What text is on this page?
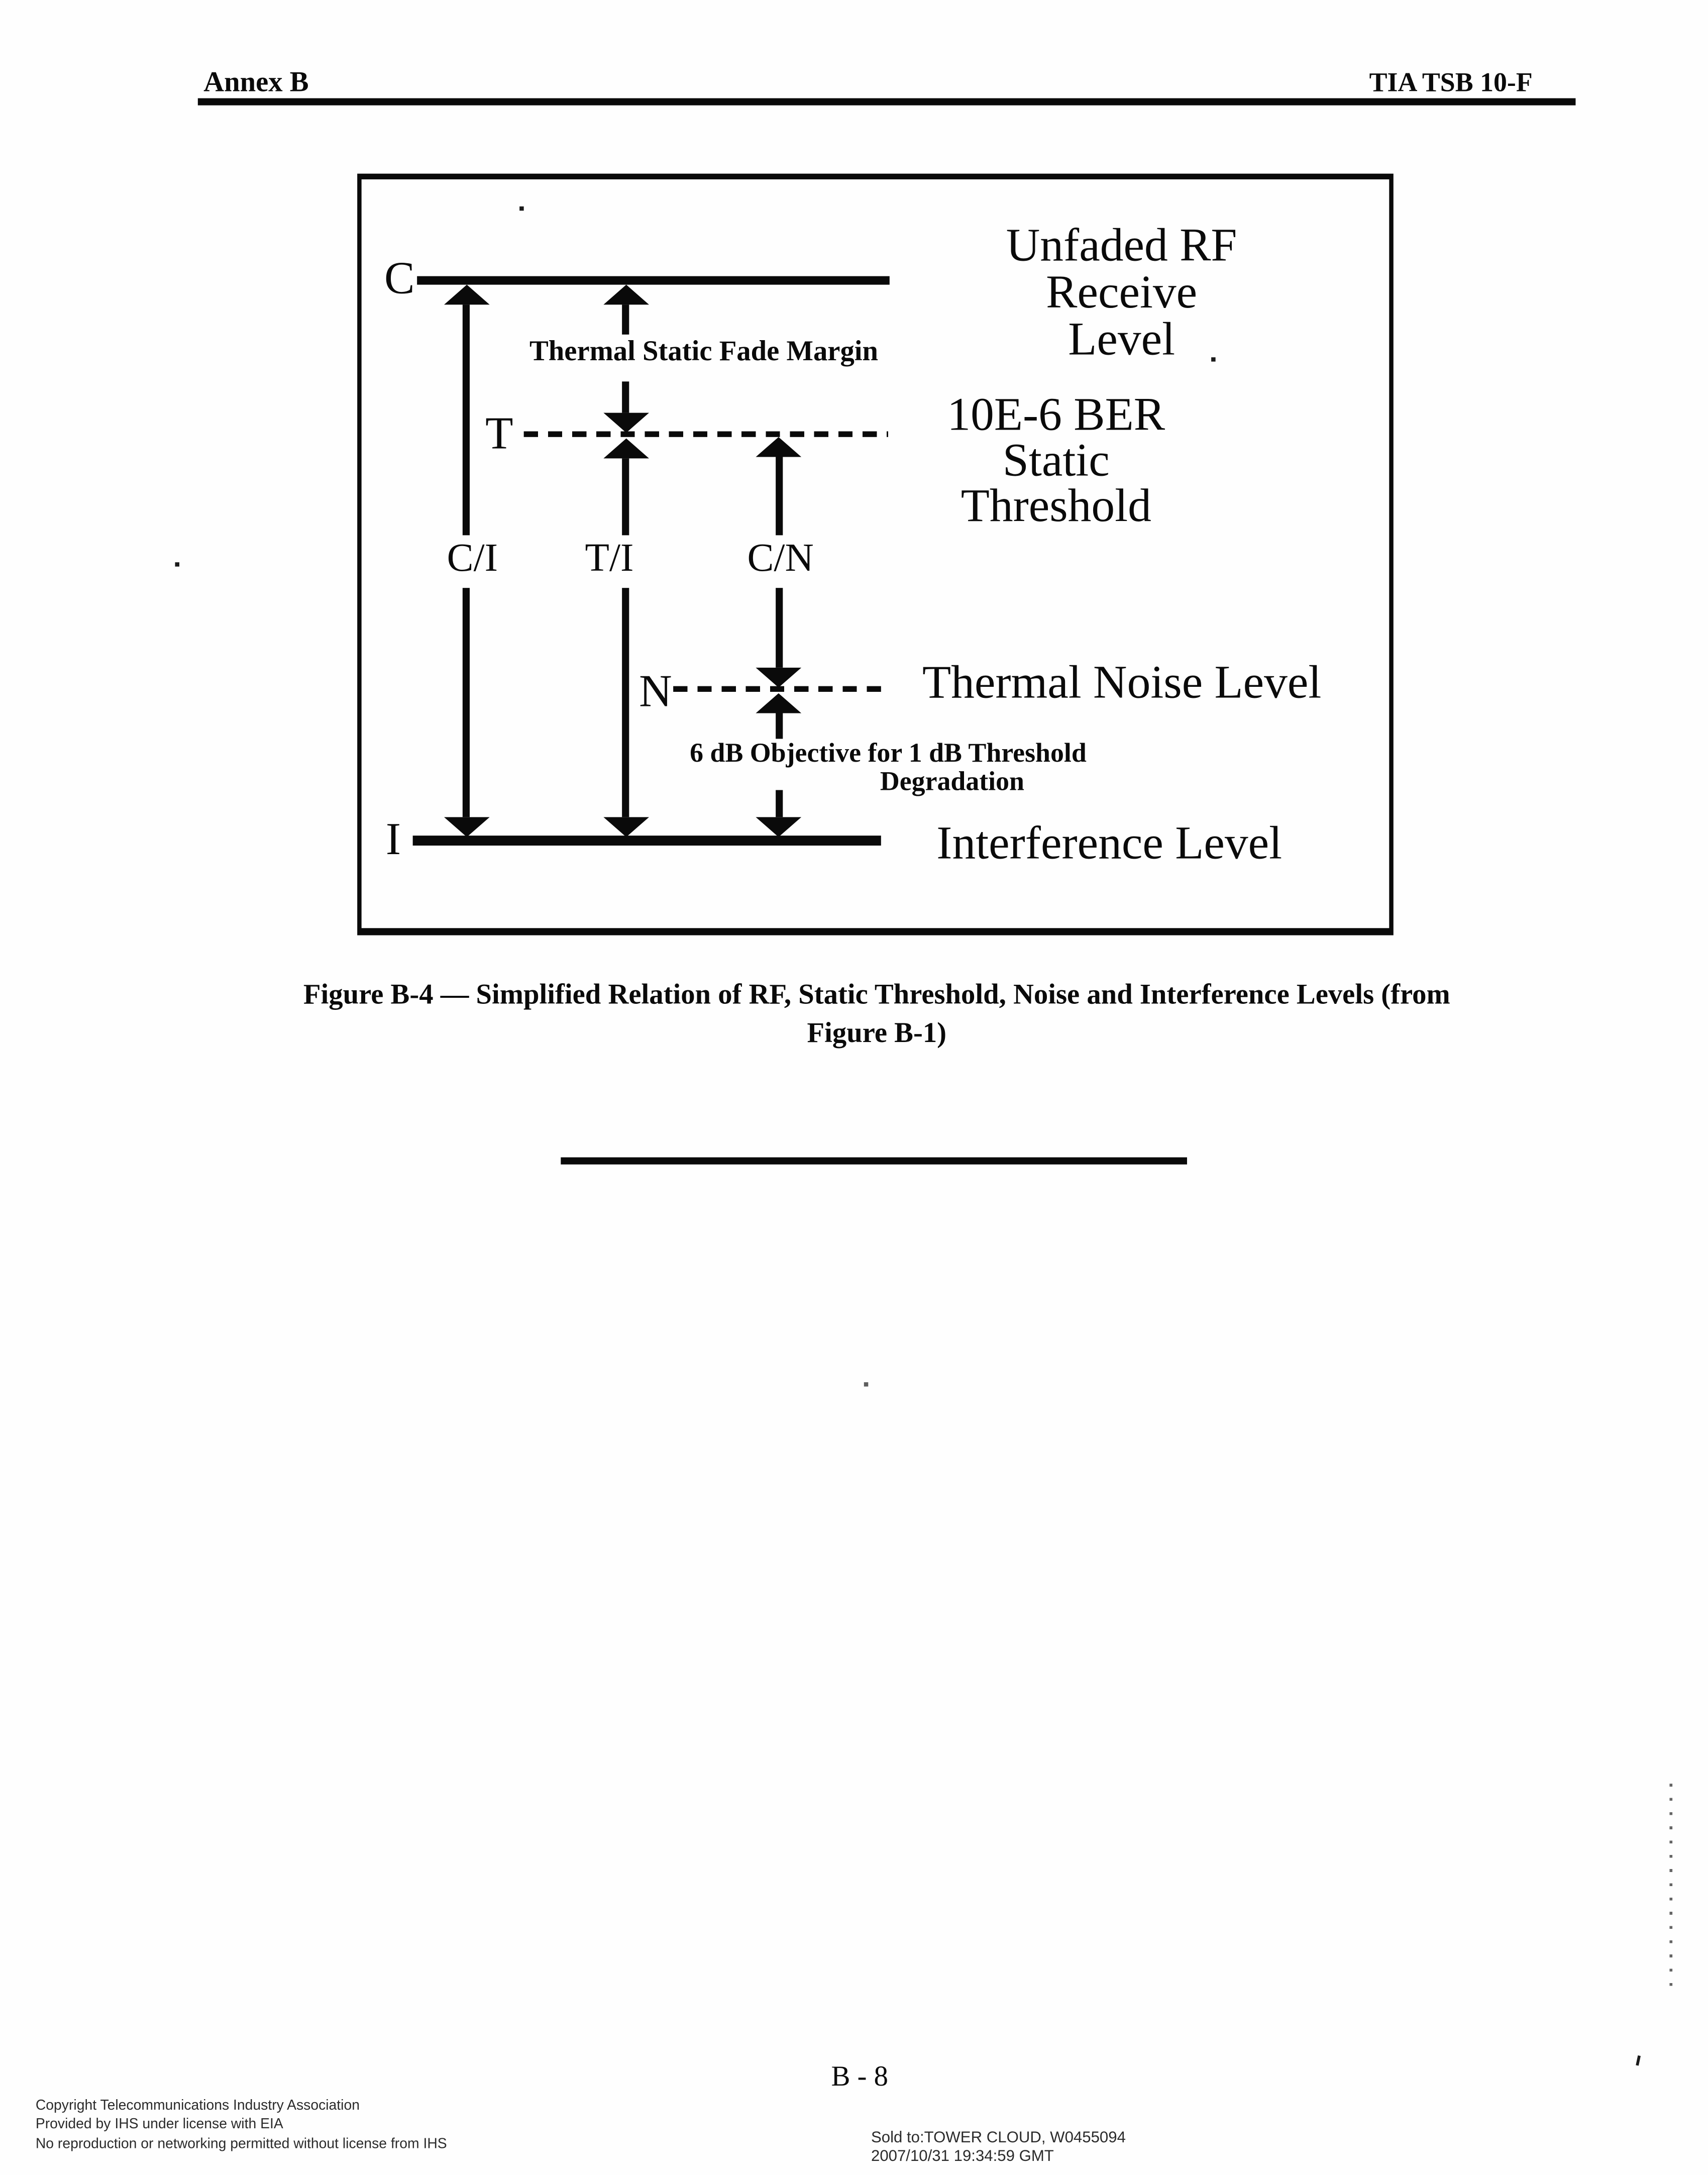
Annex B	TIA TSB 10-F
C
Unfaded RF Receive
Level
C/I
Thermal Static Fade Margin
T	10E-6 BER Static
Threshold
T/I	C/N
N	Thermal Noise Level
6 dB Objective for 1 dB Threshold
Degradation
I	Interference Level
Figure B-4 — Simplified Relation of RF, Static Threshold, Noise and Interference Levels (from
Figure B-1)
B - 8
Copyright Telecommunications Industry Association
Provided by IHS under license with EIA
No reproduction or networking permitted without license from IHS	Sold to:TOWER CLOUD, W0455094
2007/10/31 19:34:59 GMT
